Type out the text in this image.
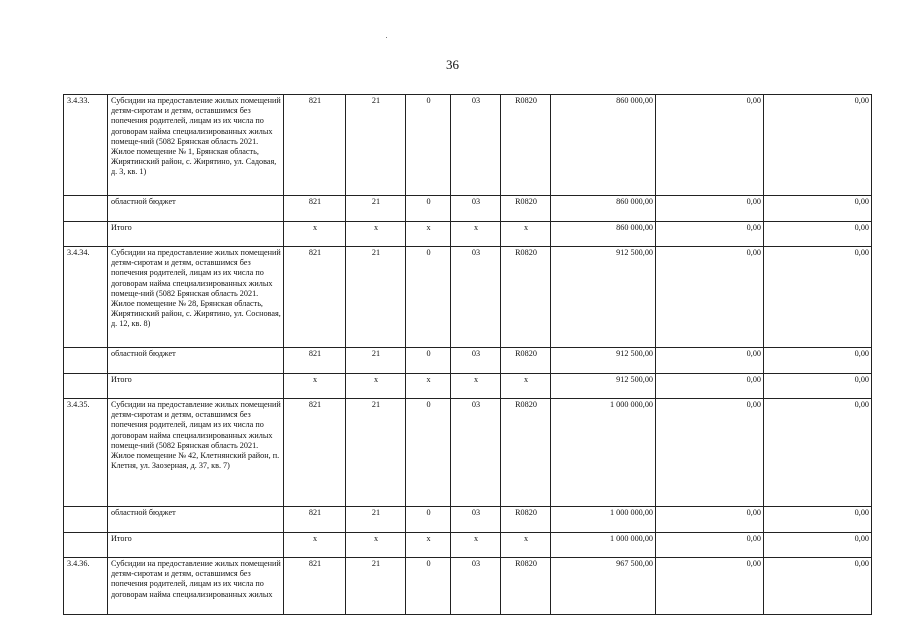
36
3.4.33.	Субсидии на предоставление жилых помещений детям-сиротам и детям, оставшимся без попечения родителей, лицам из их числа по договорам найма специализированных жилых помеще-ний (5082 Брянская область 2021. Жилое помещение № 1, Брянская область, Жирятинский район, с. Жирятино, ул. Садовая, д. 3, кв. 1)	821	21	0	03	R0820	860 000,00	0,00	0,00
	областной бюджет	821	21	0	03	R0820	860 000,00	0,00	0,00
	Итого	x	x	x	x	x	860 000,00	0,00	0,00
3.4.34.	Субсидии на предоставление жилых помещений детям-сиротам и детям, оставшимся без попечения родителей, лицам из их числа по договорам найма специализированных жилых помеще-ний (5082 Брянская область 2021. Жилое помещение № 28, Брянская область, Жирятинский район, с. Жирятино, ул. Сосновая, д. 12, кв. 8)	821	21	0	03	R0820	912 500,00	0,00	0,00
	областной бюджет	821	21	0	03	R0820	912 500,00	0,00	0,00
	Итого	x	x	x	x	x	912 500,00	0,00	0,00
3.4.35.	Субсидии на предоставление жилых помещений детям-сиротам и детям, оставшимся без попечения родителей, лицам из их числа по договорам найма специализированных жилых помеще-ний (5082 Брянская область 2021. Жилое помещение № 42, Клетнянский район, п. Клетня, ул. Заозерная, д. 37, кв. 7)	821	21	0	03	R0820	1 000 000,00	0,00	0,00
	областной бюджет	821	21	0	03	R0820	1 000 000,00	0,00	0,00
	Итого	x	x	x	x	x	1 000 000,00	0,00	0,00
3.4.36.	Субсидии на предоставление жилых помещений детям-сиротам и детям, оставшимся без попечения родителей, лицам из их числа по договорам найма специализированных жилых	821	21	0	03	R0820	967 500,00	0,00	0,00
